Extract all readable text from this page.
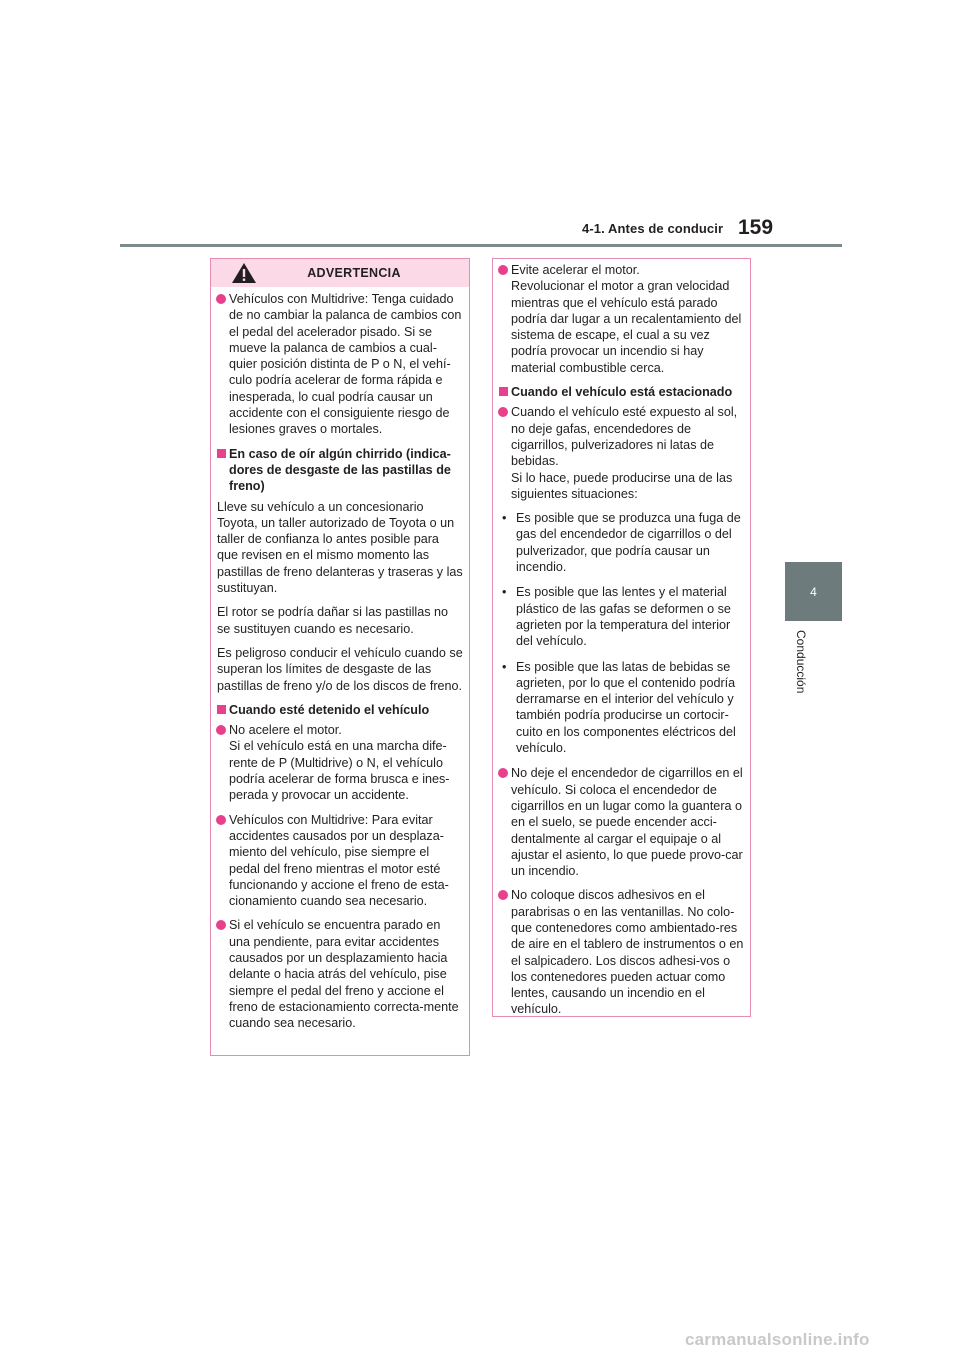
4-1. Antes de conducir 159
4
Conducción
ADVERTENCIA
Vehículos con Multidrive: Tenga cuidado de no cambiar la palanca de cambios con el pedal del acelerador pisado. Si se mueve la palanca de cambios a cual-quier posición distinta de P o N, el vehí-culo podría acelerar de forma rápida e inesperada, lo cual podría causar un accidente con el consiguiente riesgo de lesiones graves o mortales.
En caso de oír algún chirrido (indica-dores de desgaste de las pastillas de freno)
Lleve su vehículo a un concesionario Toyota, un taller autorizado de Toyota o un taller de confianza lo antes posible para que revisen en el mismo momento las pastillas de freno delanteras y traseras y las sustituyan.
El rotor se podría dañar si las pastillas no se sustituyen cuando es necesario.
Es peligroso conducir el vehículo cuando se superan los límites de desgaste de las pastillas de freno y/o de los discos de freno.
Cuando esté detenido el vehículo
No acelere el motor.
Si el vehículo está en una marcha dife-rente de P (Multidrive) o N, el vehículo podría acelerar de forma brusca e ines-perada y provocar un accidente.
Vehículos con Multidrive: Para evitar accidentes causados por un desplaza-miento del vehículo, pise siempre el pedal del freno mientras el motor esté funcionando y accione el freno de esta-cionamiento cuando sea necesario.
Si el vehículo se encuentra parado en una pendiente, para evitar accidentes causados por un desplazamiento hacia delante o hacia atrás del vehículo, pise siempre el pedal del freno y accione el freno de estacionamiento correcta-mente cuando sea necesario.
Evite acelerar el motor.
Revolucionar el motor a gran velocidad mientras que el vehículo está parado podría dar lugar a un recalentamiento del sistema de escape, el cual a su vez podría provocar un incendio si hay material combustible cerca.
Cuando el vehículo está estacionado
Cuando el vehículo esté expuesto al sol, no deje gafas, encendedores de cigarrillos, pulverizadores ni latas de bebidas.
Si lo hace, puede producirse una de las siguientes situaciones:
• Es posible que se produzca una fuga de gas del encendedor de cigarrillos o del pulverizador, que podría causar un incendio.
• Es posible que las lentes y el material plástico de las gafas se deformen o se agrieten por la temperatura del interior del vehículo.
• Es posible que las latas de bebidas se agrieten, por lo que el contenido podría derramarse en el interior del vehículo y también podría producirse un cortocir-cuito en los componentes eléctricos del vehículo.
No deje el encendedor de cigarrillos en el vehículo. Si coloca el encendedor de cigarrillos en un lugar como la guantera o en el suelo, se puede encender acci-dentalmente al cargar el equipaje o al ajustar el asiento, lo que puede provo-car un incendio.
No coloque discos adhesivos en el parabrisas o en las ventanillas. No colo-que contenedores como ambientado-res de aire en el tablero de instrumentos o en el salpicadero. Los discos adhesi-vos o los contenedores pueden actuar como lentes, causando un incendio en el vehículo.
carmanualsonline.info
